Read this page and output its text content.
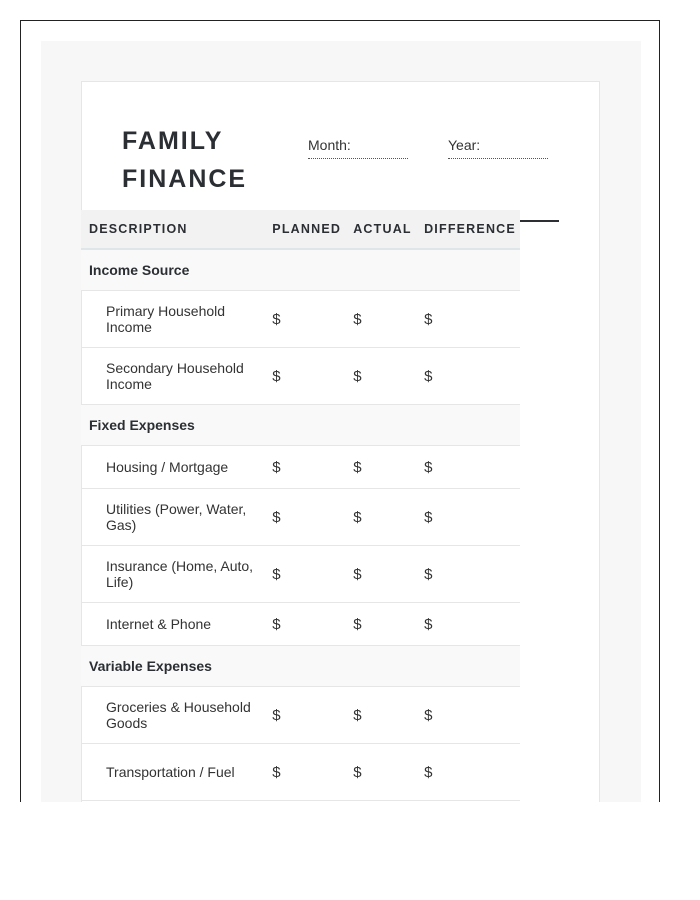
FAMILY
FINANCE
Month:	Year:
DESCRIPTION	PLANNED	ACTUAL	DIFFERENCE
Income Source			
Primary Household Income	$	$	$
Secondary Household Income	$	$	$
Fixed Expenses			
Housing / Mortgage	$	$	$
Utilities (Power, Water, Gas)	$	$	$
Insurance (Home, Auto, Life)	$	$	$
Internet & Phone	$	$	$
Variable Expenses			
Groceries & Household Goods	$	$	$
Transportation / Fuel	$	$	$
